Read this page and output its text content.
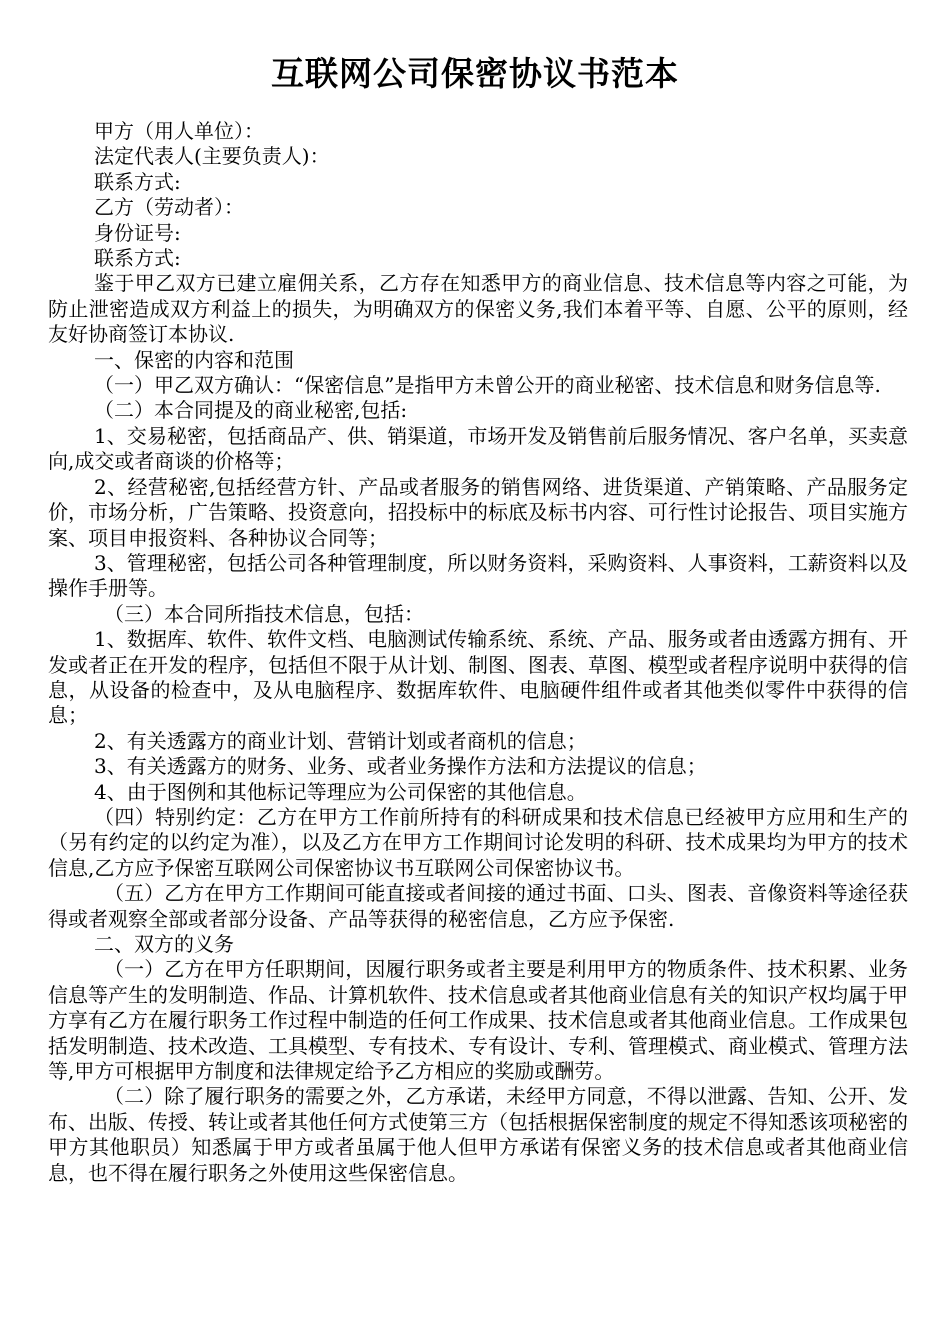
互联网公司保密协议书范本

甲方（用人单位）：

法定代表人(主要负责人)：

联系方式:

乙方（劳动者）：

身份证号:

联系方式:

鉴于甲乙双方已建立雇佣关系，乙方存在知悉甲方的商业信息、技术信息等内容之可能，为防止泄密造成双方利益上的损失，为明确双方的保密义务,我们本着平等、自愿、公平的原则，经友好协商签订本协议.

一、保密的内容和范围

（一）甲乙双方确认：“保密信息”是指甲方未曾公开的商业秘密、技术信息和财务信息等.

（二）本合同提及的商业秘密,包括:

1、交易秘密，包括商品产、供、销渠道，市场开发及销售前后服务情况、客户名单，买卖意向,成交或者商谈的价格等；

2、经营秘密,包括经营方针、产品或者服务的销售网络、进货渠道、产销策略、产品服务定价，市场分析，广告策略、投资意向，招投标中的标底及标书内容、可行性讨论报告、项目实施方案、项目申报资料、各种协议合同等；

3、管理秘密，包括公司各种管理制度，所以财务资料，采购资料、人事资料，工薪资料以及操作手册等。

（三）本合同所指技术信息，包括：

1、数据库、软件、软件文档、电脑测试传输系统、系统、产品、服务或者由透露方拥有、开发或者正在开发的程序，包括但不限于从计划、制图、图表、草图、模型或者程序说明中获得的信息，从设备的检查中，及从电脑程序、数据库软件、电脑硬件组件或者其他类似零件中获得的信息；

2、有关透露方的商业计划、营销计划或者商机的信息；

3、有关透露方的财务、业务、或者业务操作方法和方法提议的信息；

4、由于图例和其他标记等理应为公司保密的其他信息。

（四）特别约定：乙方在甲方工作前所持有的科研成果和技术信息已经被甲方应用和生产的（另有约定的以约定为准），以及乙方在甲方工作期间讨论发明的科研、技术成果均为甲方的技术信息,乙方应予保密互联网公司保密协议书互联网公司保密协议书。

（五）乙方在甲方工作期间可能直接或者间接的通过书面、口头、图表、音像资料等途径获得或者观察全部或者部分设备、产品等获得的秘密信息，乙方应予保密.

二、双方的义务

（一）乙方在甲方任职期间，因履行职务或者主要是利用甲方的物质条件、技术积累、业务信息等产生的发明制造、作品、计算机软件、技术信息或者其他商业信息有关的知识产权均属于甲方享有乙方在履行职务工作过程中制造的任何工作成果、技术信息或者其他商业信息。工作成果包括发明制造、技术改造、工具模型、专有技术、专有设计、专利、管理模式、商业模式、管理方法等,甲方可根据甲方制度和法律规定给予乙方相应的奖励或酬劳。

（二）除了履行职务的需要之外，乙方承诺，未经甲方同意，不得以泄露、告知、公开、发布、出版、传授、转让或者其他任何方式使第三方（包括根据保密制度的规定不得知悉该项秘密的甲方其他职员）知悉属于甲方或者虽属于他人但甲方承诺有保密义务的技术信息或者其他商业信息，也不得在履行职务之外使用这些保密信息。
